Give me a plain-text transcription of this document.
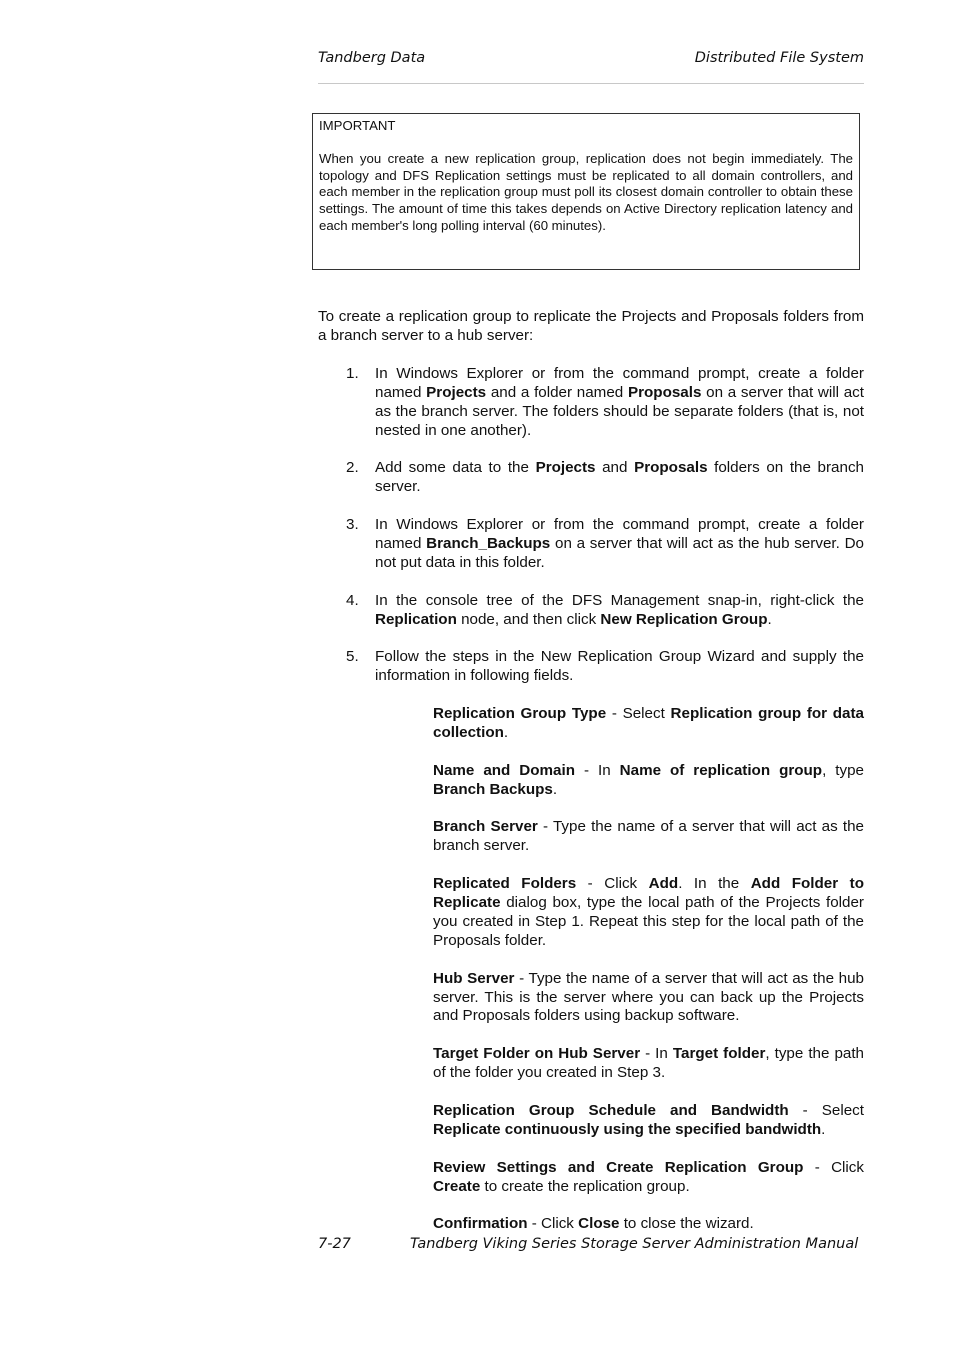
Tandberg Data	Distributed File System

IMPORTANT

When you create a new replication group, replication does not begin immediately. The topology and DFS Replication settings must be replicated to all domain controllers, and each member in the replication group must poll its closest domain controller to obtain these settings. The amount of time this takes depends on Active Directory replication latency and each member's long polling interval (60 minutes).

To create a replication group to replicate the Projects and Proposals folders from a branch server to a hub server:

1. In Windows Explorer or from the command prompt, create a folder named Projects and a folder named Proposals on a server that will act as the branch server. The folders should be separate folders (that is, not nested in one another).
2. Add some data to the Projects and Proposals folders on the branch server.
3. In Windows Explorer or from the command prompt, create a folder named Branch_Backups on a server that will act as the hub server. Do not put data in this folder.
4. In the console tree of the DFS Management snap-in, right-click the Replication node, and then click New Replication Group.
5. Follow the steps in the New Replication Group Wizard and supply the information in following fields.

Replication Group Type - Select Replication group for data collection.

Name and Domain - In Name of replication group, type Branch Backups.

Branch Server - Type the name of a server that will act as the branch server.

Replicated Folders - Click Add. In the Add Folder to Replicate dialog box, type the local path of the Projects folder you created in Step 1. Repeat this step for the local path of the Proposals folder.

Hub Server - Type the name of a server that will act as the hub server. This is the server where you can back up the Projects and Proposals folders using backup software.

Target Folder on Hub Server - In Target folder, type the path of the folder you created in Step 3.

Replication Group Schedule and Bandwidth - Select Replicate continuously using the specified bandwidth.

Review Settings and Create Replication Group - Click Create to create the replication group.

Confirmation - Click Close to close the wizard.

7-27	Tandberg Viking Series Storage Server Administration Manual
